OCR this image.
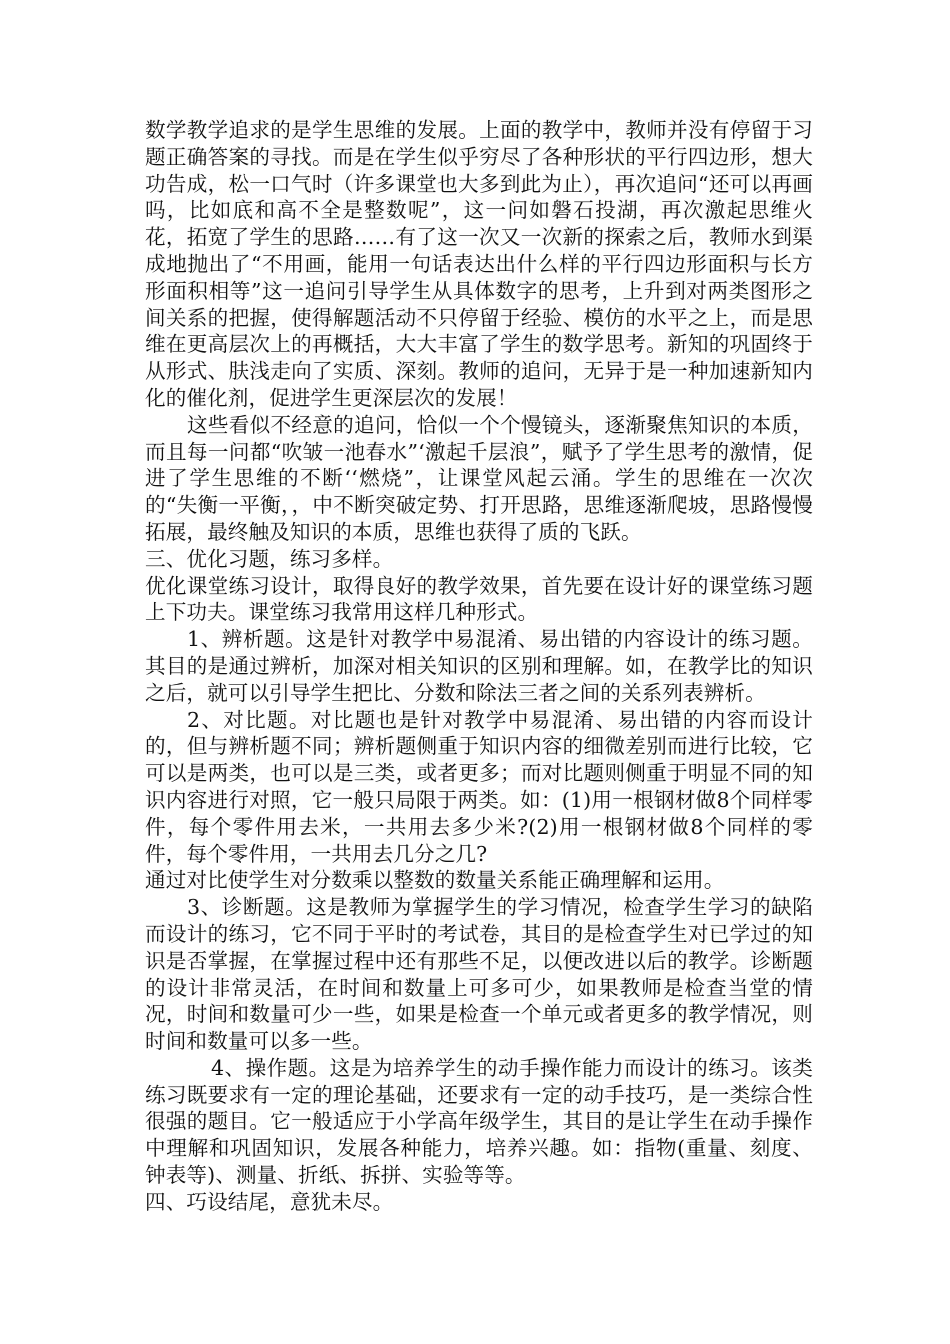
数学教学追求的是学生思维的发展。上面的教学中，教师并没有停留于习题正确答案的寻找。而是在学生似乎穷尽了各种形状的平行四边形，想大功告成，松一口气时（许多课堂也大多到此为止），再次追问“还可以再画吗，比如底和高不全是整数呢”，这一问如磐石投湖，再次激起思维火花，拓宽了学生的思路……有了这一次又一次新的探索之后，教师水到渠成地抛出了“不用画，能用一句话表达出什么样的平行四边形面积与长方形面积相等”这一追问引导学生从具体数字的思考，上升到对两类图形之间关系的把握，使得解题活动不只停留于经验、模仿的水平之上，而是思维在更高层次上的再概括，大大丰富了学生的数学思考。新知的巩固终于从形式、肤浅走向了实质、深刻。教师的追问，无异于是一种加速新知内化的催化剂，促进学生更深层次的发展！

这些看似不经意的追问，恰似一个个慢镜头，逐渐聚焦知识的本质，而且每一问都“吹皱一池春水”‘激起千层浪”，赋予了学生思考的激情，促进了学生思维的不断‘‘燃烧”，让课堂风起云涌。学生的思维在一次次的“失衡一平衡，，中不断突破定势、打开思路，思维逐渐爬坡，思路慢慢拓展，最终触及知识的本质，思维也获得了质的飞跃。

三、优化习题，练习多样。

优化课堂练习设计，取得良好的教学效果，首先要在设计好的课堂练习题上下功夫。课堂练习我常用这样几种形式。

1、辨析题。这是针对教学中易混淆、易出错的内容设计的练习题。其目的是通过辨析，加深对相关知识的区别和理解。如，在教学比的知识之后，就可以引导学生把比、分数和除法三者之间的关系列表辨析。

2、对比题。对比题也是针对教学中易混淆、易出错的内容而设计的，但与辨析题不同；辨析题侧重于知识内容的细微差别而进行比较，它可以是两类，也可以是三类，或者更多；而对比题则侧重于明显不同的知识内容进行对照，它一般只局限于两类。如：(1)用一根钢材做8个同样零件，每个零件用去米，一共用去多少米?(2)用一根钢材做8个同样的零件，每个零件用，一共用去几分之几?

通过对比使学生对分数乘以整数的数量关系能正确理解和运用。

3、诊断题。这是教师为掌握学生的学习情况，检查学生学习的缺陷而设计的练习，它不同于平时的考试卷，其目的是检查学生对已学过的知识是否掌握，在掌握过程中还有那些不足，以便改进以后的教学。诊断题的设计非常灵活，在时间和数量上可多可少，如果教师是检查当堂的情况，时间和数量可少一些，如果是检查一个单元或者更多的教学情况，则时间和数量可以多一些。

4、操作题。这是为培养学生的动手操作能力而设计的练习。该类练习既要求有一定的理论基础，还要求有一定的动手技巧，是一类综合性很强的题目。它一般适应于小学高年级学生，其目的是让学生在动手操作中理解和巩固知识，发展各种能力，培养兴趣。如：指物(重量、刻度、钟表等)、测量、折纸、拆拼、实验等等。

四、巧设结尾，意犹未尽。
